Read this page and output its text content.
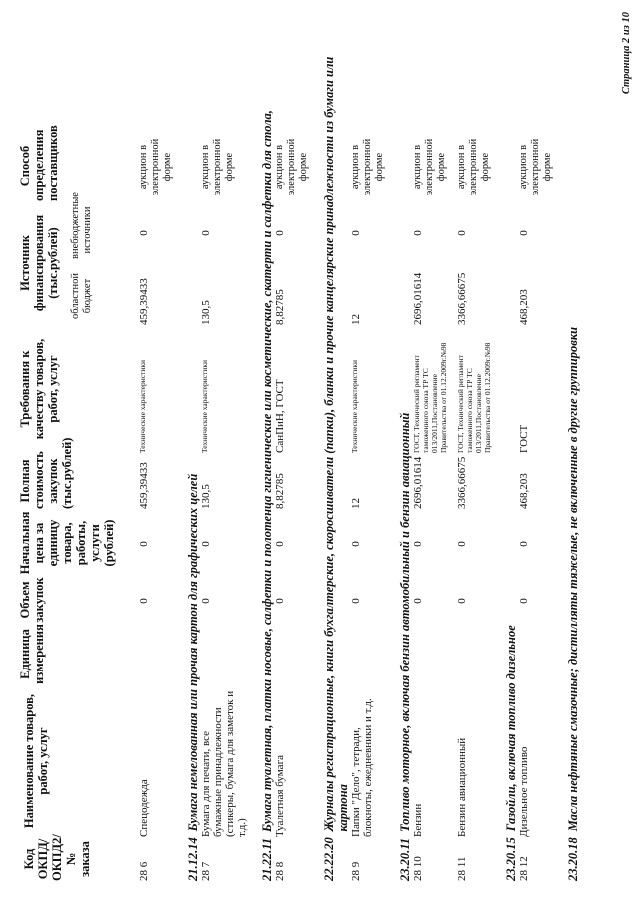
Код ОКПД/ ОКПД2/ № заказа
Наименование товаров, работ, услуг
Единица измерения
Объем закупок
Начальная цена за единицу товара, работы, услуги (рублей)
Полная стоимость закупок (тыс.рублей)
Требования к качеству товаров, работ, услуг
Источник финансирования (тыс.рублей) областной бюджет
внебюджетные источники
Способ определения поставщиков
28 6
Спецодежда
0
0
459,39433
Технические характеристики
459,39433
0
аукцион в электронной форме
21.12.14
Бумага немелованная или прочая картон для графических целей
28 7
Бумага для печати, все бумажные принадлежности (стикеры, бумага для заметок и т.д.)
0
0
130,5
Технические характеристики
130,5
0
аукцион в электронной форме
21.22.11
Бумага туалетная, платки носовые, салфетки и полотенца гигиенические или косметические, скатерти и салфетки для стола,
28 8
Туалетная бумага
0
0
8,82785
СанПиН, ГОСТ
8,82785
0
аукцион в электронной форме
22.22.20
Журналы регистрационные, книги бухгалтерские, скоросшиватели (папки), бланки и прочие канцелярские принадлежности из бумаги или картона
28 9
Папки "Дело", тетради, блокноты, ежедневники и т.д.
0
0
12
Технические характеристики
12
0
аукцион в электронной форме
23.20.11
Топливо моторное, включая бензин автомобильный и бензин авиационный
28 10
Бензин
0
0
2696,01614
ГОСТ, Технический регламент таможенного союза ТР ТС 013/2011,Постановление Правительства от 01.12.2009г.№98
2696,01614
0
аукцион в электронной форме
28 11
Бензин авиационный
0
0
3366,66675
ГОСТ, Технический регламент таможенного союза ТР ТС 013/2011,Постановление Правительства от 01.12.2009г.№98
3366,66675
0
аукцион в электронной форме
23.20.15
Газойли, включая топливо дизельное
28 12
Дизельное топливо
0
0
468,203
ГОСТ
468,203
0
аукцион в электронной форме
23.20.18
Масла нефтяные смазочные; дистилляты тяжелые, не включенные в другие группировки
Страница 2 из 10
